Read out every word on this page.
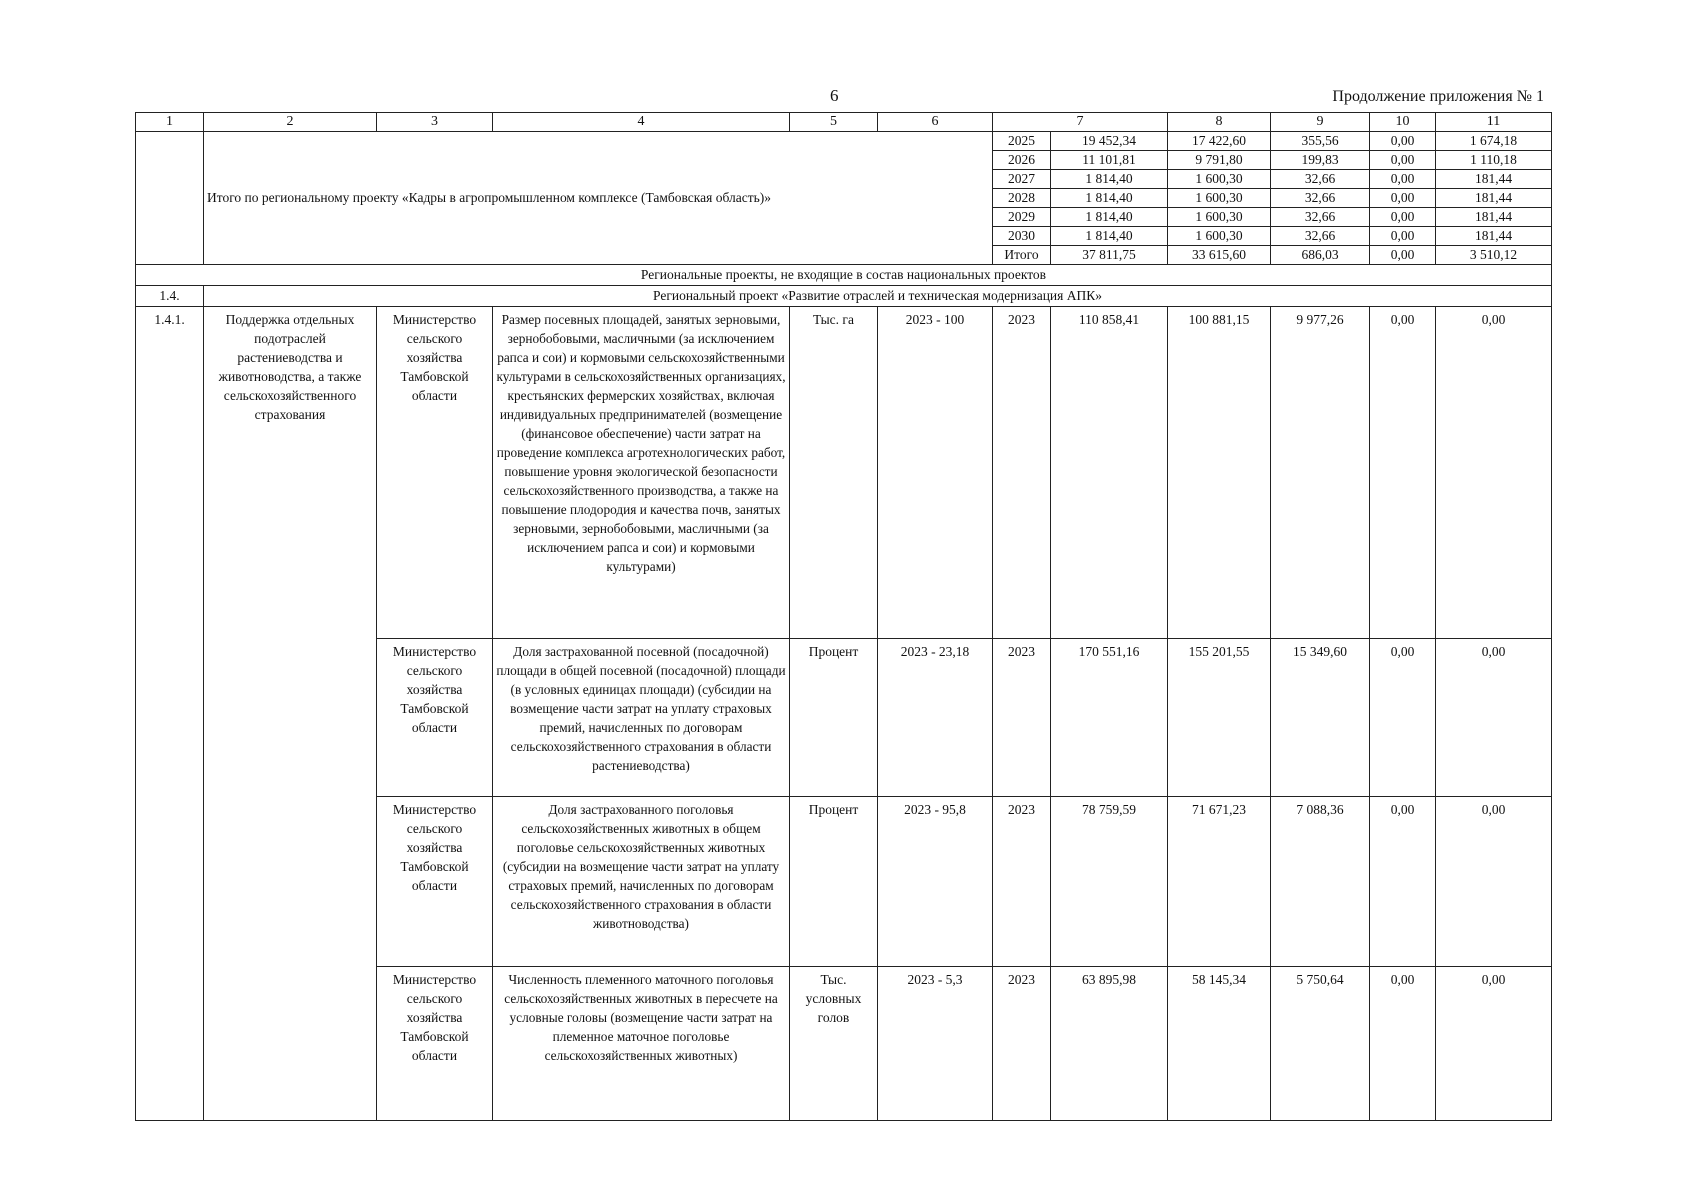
6	Продолжение приложения № 1
1	2	3	4	5	6	7		8	9	10	11
	Итого по региональному проекту «Кадры в агропромышленном комплексе (Тамбовская область)»					2025	19 452,34	17 422,60	355,56	0,00	1 674,18
						2026	11 101,81	9 791,80	199,83	0,00	1 110,18
						2027	1 814,40	1 600,30	32,66	0,00	181,44
						2028	1 814,40	1 600,30	32,66	0,00	181,44
						2029	1 814,40	1 600,30	32,66	0,00	181,44
						2030	1 814,40	1 600,30	32,66	0,00	181,44
						Итого	37 811,75	33 615,60	686,03	0,00	3 510,12
Региональные проекты, не входящие в состав национальных проектов											
1.4.	Региональный проект «Развитие отраслей и техническая модернизация АПК»										
1.4.1.	Поддержка отдельных подотраслей растениеводства и животноводства, а также сельскохозяйственного страхования	Министерство сельского хозяйства Тамбовской области	Размер посевных площадей, занятых зерновыми, зернобобовыми, масличными (за исключением рапса и сои) и кормовыми сельскохозяйственными культурами в сельскохозяйственных организациях, крестьянских фермерских хозяйствах, включая индивидуальных предпринимателей (возмещение (финансовое обеспечение) части затрат на проведение комплекса агротехнологических работ, повышение уровня экологической безопасности сельскохозяйственного производства, а также на повышение плодородия и качества почв, занятых зерновыми, зернобобовыми, масличными (за исключением рапса и сои) и кормовыми культурами)	Тыс. га	2023 - 100	2023	110 858,41	100 881,15	9 977,26	0,00	0,00
		Министерство сельского хозяйства Тамбовской области	Доля застрахованной посевной (посадочной) площади в общей посевной (посадочной) площади (в условных единицах площади) (субсидии на возмещение части затрат на уплату страховых премий, начисленных по договорам сельскохозяйственного страхования в области растениеводства)	Процент	2023 - 23,18	2023	170 551,16	155 201,55	15 349,60	0,00	0,00
		Министерство сельского хозяйства Тамбовской области	Доля застрахованного поголовья сельскохозяйственных животных в общем поголовье сельскохозяйственных животных (субсидии на возмещение части затрат на уплату страховых премий, начисленных по договорам сельскохозяйственного страхования в области животноводства)	Процент	2023 - 95,8	2023	78 759,59	71 671,23	7 088,36	0,00	0,00
		Министерство сельского хозяйства Тамбовской области	Численность племенного маточного поголовья сельскохозяйственных животных в пересчете на условные головы (возмещение части затрат на племенное маточное поголовье сельскохозяйственных животных)	Тыс. условных голов	2023 - 5,3	2023	63 895,98	58 145,34	5 750,64	0,00	0,00
